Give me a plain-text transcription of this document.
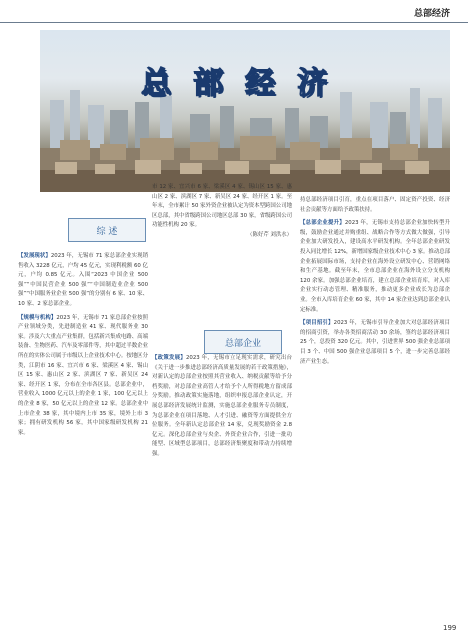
总部经济
总部经济
综 述
总部企业

【发展现状】2023 年，无锡市 71 家总部企业实现销售收入 3228 亿元，户均 45 亿元，实现利税额 60 亿元，户均 0.85 亿元。入围“2023 中国企业 500 强”“中国民营企业 500 强”“中国制造业企业 500 强”“中国服务业企业 500 强”的分别有 6 家、10 家、10 家、2 家总部企业。

【规模与机构】2023 年，无锡市 71 家总部企业按照产业领域分类，先进制造业 41 家、现代服务业 30 家。涉及六大重点产业集群，包括新兴集成电路、高端装备、生物医药、汽车及零部件等，其中超过半数企业所在的实体公司属于市级以上企业技术中心。按地区分类，江阴市 16 家、宜兴市 6 家、梁溪区 4 家、锡山区 15 家、惠山区 2 家、滨湖区 7 家、新吴区 24 家、经开区 1 家，分布在全市各区县。总部企业中，营业收入 1000 亿元以上的企业 1 家，100 亿元以上的企业 8 家，50 亿元以上的企业 12 家。总部企业中上市企业 38 家，其中境内上市 35 家，境外上市 3 家；拥有研发机构 56 家，其中国家级研发机构 21 家。

市 12 家、宜兴市 6 家、梁溪区 4 家、锡山区 15 家、惠山区 2 家、滨湖区 7 家、新吴区 24 家、经开区 1 家。至年末，全市累计 50 家外资企业被认定为资本型跨国公司地区总部，其中省级跨国公司地区总部 30 家，省级跨国公司功能性机构 20 家。

（陈好芹 刘洪水）

【政策发展】2023 年，无锡市立足现实需求，研究出台《关于进一步推进总部经济高质量发展的若干政策措施》，对新认定的总部企业按照其营业收入、纳税贡献等给予分档奖励，对总部企业高管人才给予个人所得税地方留成部分奖励。推动政策实施落地，组织申报总部企业认定，开展总部经济发展统计监测，实施总部企业服务专员制度，为总部企业在项目落地、人才引进、融资等方面提供全方位服务。全年新认定总部企业 14 家，兑现奖励资金 2.8 亿元。深化总部企业与央企、外资企业合作，引进一批功能型、区域型总部项目，总部经济集聚度和带动力持续增强。

持总部经济项目引育，重点在项目落户、固定资产投资、经济社会贡献等方面给予政策扶持。

【总部企业提升】2023 年，无锡市支持总部企业加快转型升级，鼓励企业通过并购重组、战略合作等方式做大做强，引导企业加大研发投入，建设高水平研发机构。全年总部企业研发投入同比增长 12%，新增国家级企业技术中心 3 家。推动总部企业拓展国际市场，支持企业在海外设立研发中心、营销网络和生产基地。截至年末，全市总部企业在海外设立分支机构 120 余家。加强总部企业培育，建立总部企业培育库，对入库企业实行动态管理、精准服务，推动更多企业成长为总部企业。全市入库培育企业 60 家，其中 14 家企业达到总部企业认定标准。

【项目招引】2023 年，无锡市引导企业加大对总部经济项目的招商引资，举办各类招商活动 30 余场，签约总部经济项目 25 个，总投资 320 亿元。其中，引进世界 500 强企业总部项目 3 个、中国 500 强企业总部项目 5 个，进一步完善总部经济产业生态。

199
